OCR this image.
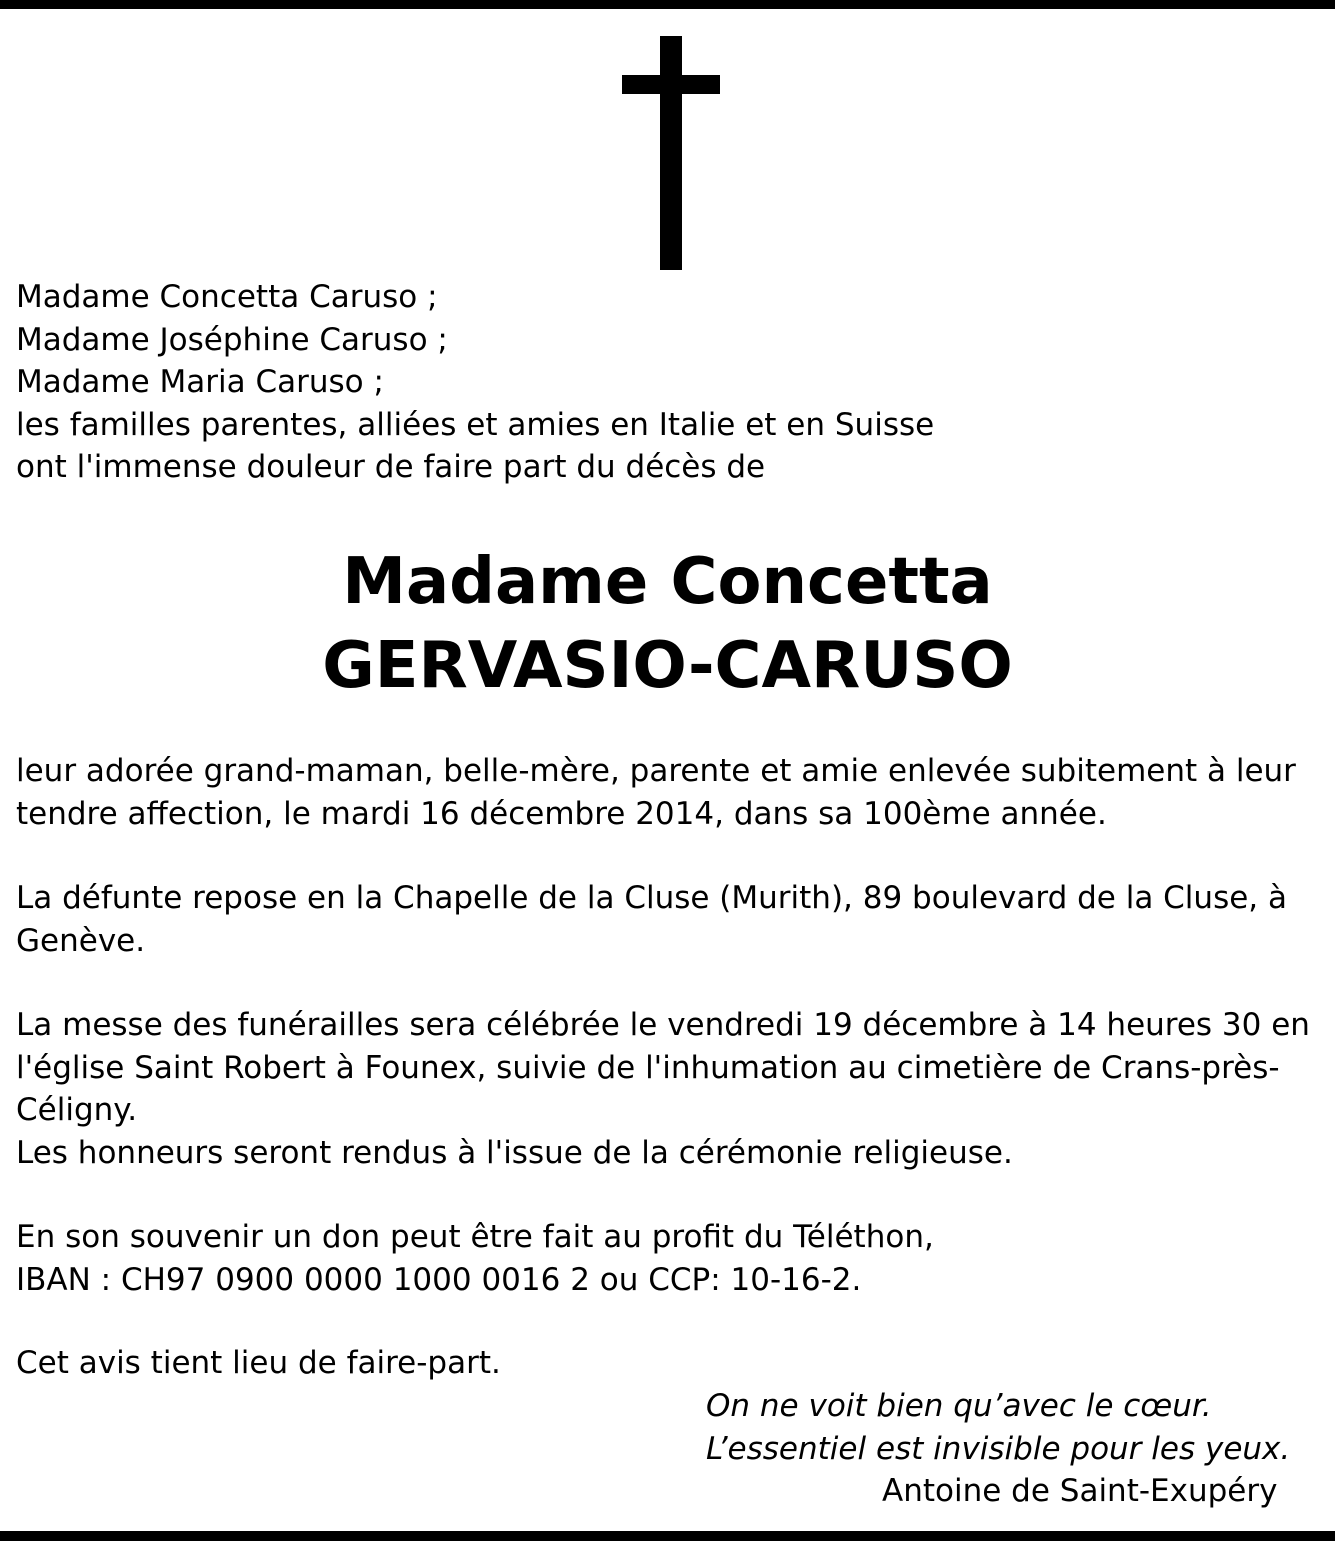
Madame Concetta Caruso ;
Madame Joséphine Caruso ;
Madame Maria Caruso ;
les familles parentes, alliées et amies en Italie et en Suisse
ont l'immense douleur de faire part du décès de
Madame Concetta
GERVASIO-CARUSO
leur adorée grand-maman, belle-mère, parente et amie enlevée subitement à leur
tendre affection, le mardi 16 décembre 2014, dans sa 100ème année.
La défunte repose en la Chapelle de la Cluse (Murith), 89 boulevard de la Cluse, à
Genève.
La messe des funérailles sera célébrée le vendredi 19 décembre à 14 heures 30 en
l'église Saint Robert à Founex, suivie de l'inhumation au cimetière de Crans-près-
Céligny.
Les honneurs seront rendus à l'issue de la cérémonie religieuse.
En son souvenir un don peut être fait au profit du Téléthon,
IBAN : CH97 0900 0000 1000 0016 2 ou CCP: 10-16-2.
Cet avis tient lieu de faire-part.
On ne voit bien qu’avec le cœur.
L’essentiel est invisible pour les yeux.
Antoine de Saint-Exupéry
